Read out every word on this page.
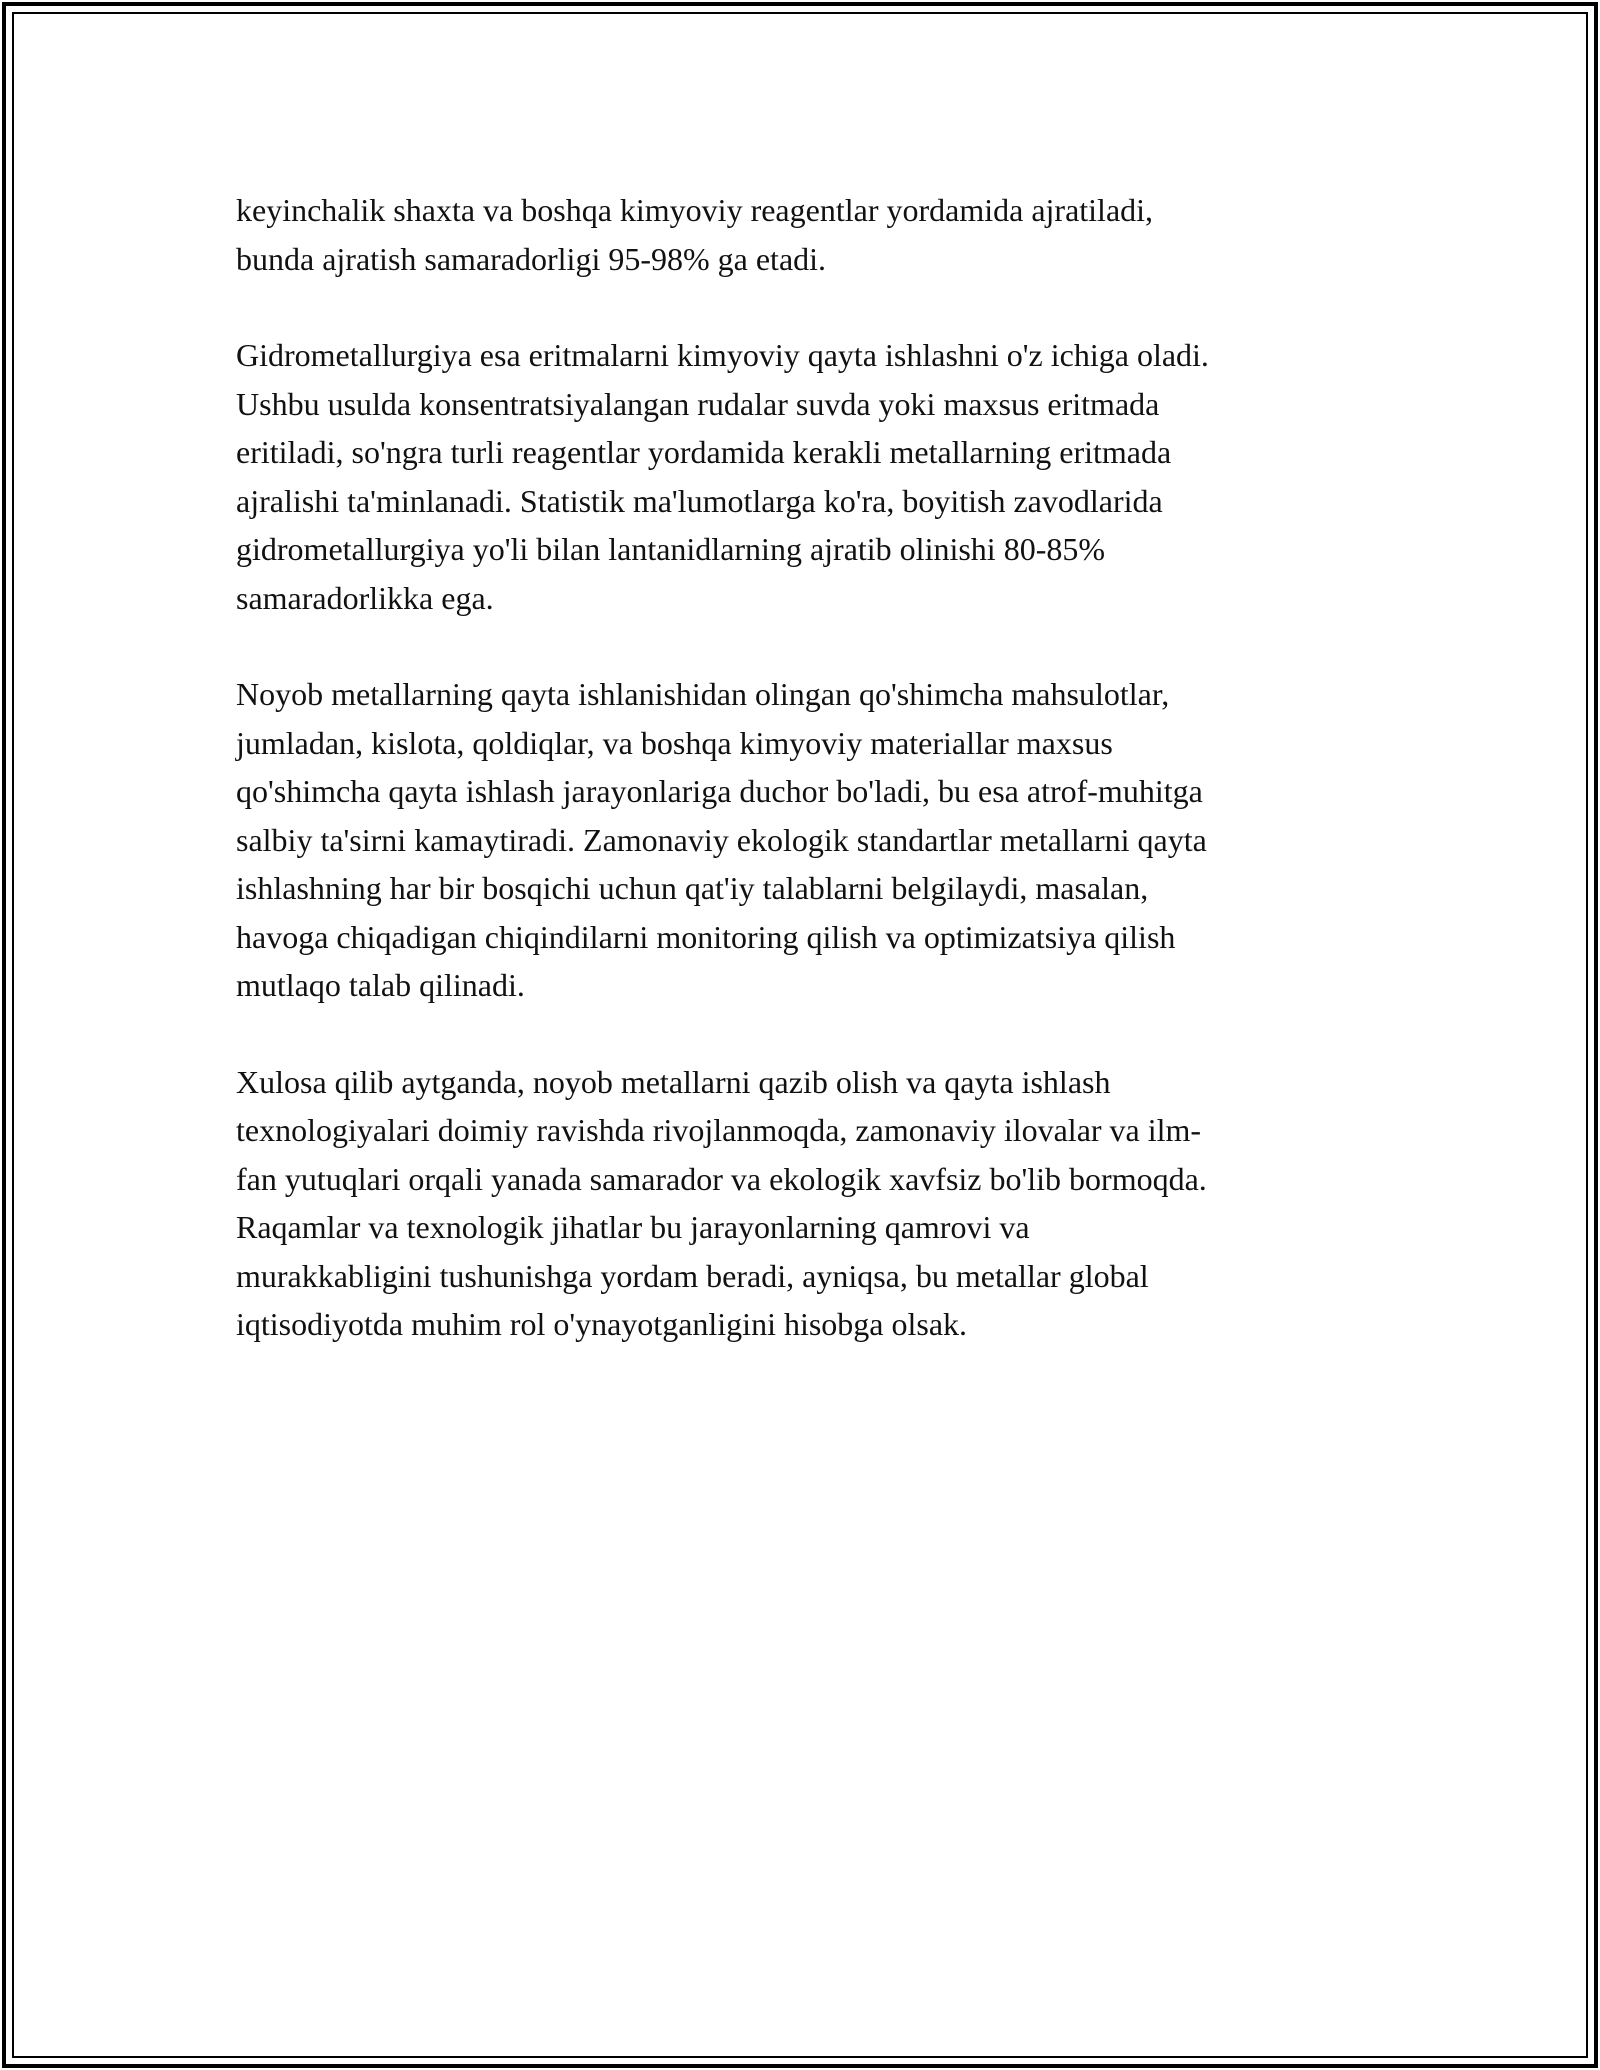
keyinchalik shaxta va boshqa kimyoviy reagentlar yordamida ajratiladi,
bunda ajratish samaradorligi 95-98% ga etadi.

Gidrometallurgiya esa eritmalarni kimyoviy qayta ishlashni o'z ichiga oladi.
Ushbu usulda konsentratsiyalangan rudalar suvda yoki maxsus eritmada
eritiladi, so'ngra turli reagentlar yordamida kerakli metallarning eritmada
ajralishi ta'minlanadi. Statistik ma'lumotlarga ko'ra, boyitish zavodlarida
gidrometallurgiya yo'li bilan lantanidlarning ajratib olinishi 80-85%
samaradorlikka ega.

Noyob metallarning qayta ishlanishidan olingan qo'shimcha mahsulotlar,
jumladan, kislota, qoldiqlar, va boshqa kimyoviy materiallar maxsus
qo'shimcha qayta ishlash jarayonlariga duchor bo'ladi, bu esa atrof-muhitga
salbiy ta'sirni kamaytiradi. Zamonaviy ekologik standartlar metallarni qayta
ishlashning har bir bosqichi uchun qat'iy talablarni belgilaydi, masalan,
havoga chiqadigan chiqindilarni monitoring qilish va optimizatsiya qilish
mutlaqo talab qilinadi.

Xulosa qilib aytganda, noyob metallarni qazib olish va qayta ishlash
texnologiyalari doimiy ravishda rivojlanmoqda, zamonaviy ilovalar va ilm-
fan yutuqlari orqali yanada samarador va ekologik xavfsiz bo'lib bormoqda.
Raqamlar va texnologik jihatlar bu jarayonlarning qamrovi va
murakkabligini tushunishga yordam beradi, ayniqsa, bu metallar global
iqtisodiyotda muhim rol o'ynayotganligini hisobga olsak.
